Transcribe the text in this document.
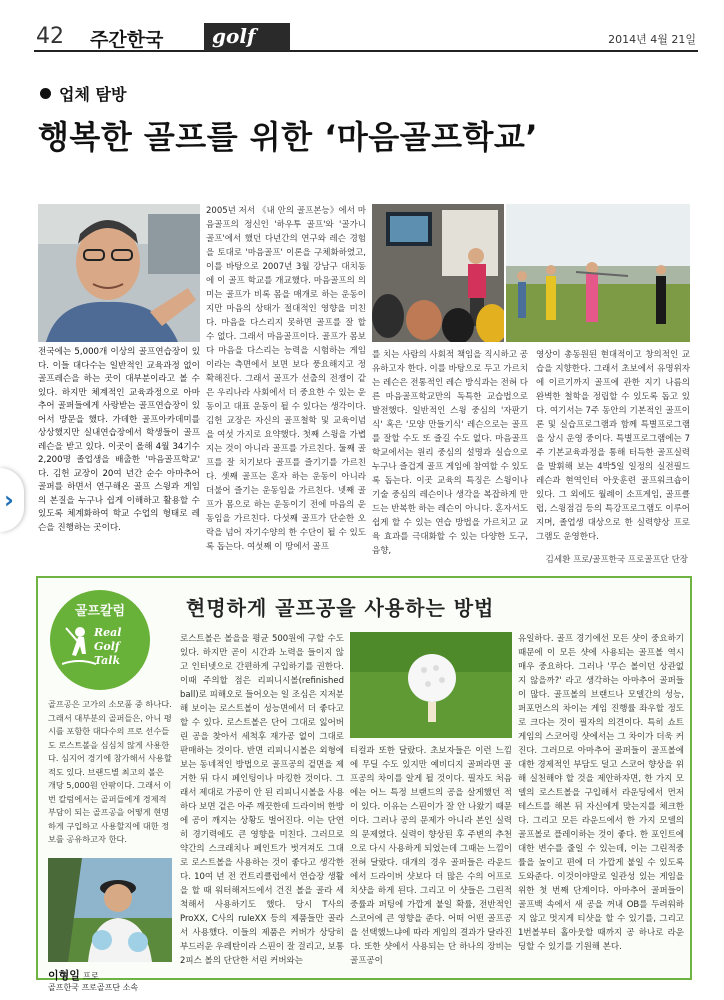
42 주간한국 golf	2014년 4월 21일
업체 탐방
행복한 골프를 위한 ‘마음골프학교’
›
전국에는 5,000개 이상의 골프연습장이 있다. 이들 대다수는 일반적인 교육과정 없이 골프레슨을 하는 곳이 대부분이라고 볼 수 있다. 하지만 체계적인 교육과정으로 아마추어 골퍼들에게 사랑받는 골프연습장이 있어서 방문을 했다. 가데한 골프아카데미를 상상했지만 실내연습장에서 학생들이 골프레슨을 받고 있다. 이곳이 올해 4월 34기수 2,200명 졸업생을 배출한 '마음골프학교' 다. 김헌 교장이 20여 년간 순수 아마추어골퍼를 하면서 연구해온 골프 스윙과 게임의 본질을 누구나 쉽게 이해하고 활용할 수 있도록 체계화하여 학교 수업의 형태로 레슨을 진행하는 곳이다.
2005년 저서 《내 안의 골프본능》에서 마음골프의 정신인 '하우투 골프'와 '골가니 골프'에서 했던 다년간의 연구와 레슨 경험을 토대로 '마음골프' 이론을 구체화하였고, 이를 바탕으로 2007년 3월 강남구 대치동에 이 골프 학교를 개교했다. 마음골프의 의미는 골프가 비록 몸을 매개로 하는 운동이지만 마음의 상태가 절대적인 영향을 미친다. 마음을 다스리지 못하면 골프를 잘 할 수 없다. 그래서 마음골프이다. 골프가 몸보다 마음을 다스리는 능력을 시험하는 게임이라는 측면에서 보면 보다 풍요해지고 정확해진다. 그래서 골프가 선출의 전쟁이 같은 우리나라 사회에서 더 중요한 수 있는 운동이고 대표 운동이 될 수 있다는 생각이다. 김헌 교장은 자신의 골프철학 및 교육이념을 여섯 가지로 요약했다. 첫째 스윙을 가볍지는 것이 아니라 골프를 가르친다. 둘째 골프를 잘 치기보다 골프를 즐기기를 가르친다. 셋째 골프는 혼자 하는 운동이 아니라 더불어 즐기는 운동임을 가르친다. 넷째 골프가 몸으로 하는 운동이기 전에 마음의 운동임을 가르친다. 다섯째 골프가 단순한 오락을 넘어 자기수양의 한 수단이 될 수 있도록 돕는다. 여섯째 이 땅에서 골프
를 치는 사람의 사회적 책임을 직시하고 공유하고자 한다. 이를 바탕으로 두고 가르치는 레슨은 전통적인 레슨 방식과는 전혀 다른 마음골프학교만의 독특한 교습법으로 발전했다. 일반적인 스윙 중심의 '자판기식' 혹은 '모양 만들기식' 레슨으로는 골프를 잘할 수도 또 즐길 수도 없다. 마음골프학교에서는 원리 중심의 설명과 실습으로 누구나 즐겁게 골프 게임에 참여할 수 있도록 돕는다. 이곳 교육의 특징은 스윙이나 기술 중심의 레슨이나 생각을 복잡하게 만드는 반복한 하는 레슨이 아니다. 혼자서도 쉽게 할 수 있는 연습 방법을 가르치고 교육 효과를 극대화할 수 있는 다양한 도구, 음향,
영상이 총동원된 현대적이고 창의적인 교습을 지향한다. 그래서 초보에서 유명위자에 이르기까지 골프에 관한 지기 나름의 완벽한 철학을 정립할 수 있도록 돕고 있다. 여기서는 7주 동안의 기본적인 골프이론 및 실습프로그램과 함께 특별프로그램을 상시 운영 중이다. 특별프로그램에는 7주 기본교육과정을 통해 터득한 골프실력을 발휘해 보는 4박5일 일정의 실전필드레슨과 현역인터 아웃훈련 골프워크숍이 있다. 그 외에도 월례이 소프게임, 골프클럽, 스윙점검 등의 특강프로그램도 이루어지며, 졸업생 대상으로 한 실력향상 프로그램도 운영한다.
김세환 프로/골프한국 프로골프단 단장
골프칼럼
Real
Golf
Talk
현명하게 골프공을 사용하는 방법
골프공은 고가의 소모품 중 하나다. 그래서 대부분의 골퍼들은, 아니 평시를 포함한 대다수의 프로 선수들도 로스트볼을 심심치 않게 사용한다. 심지어 경기에 참가해서 사용할 적도 있다. 브랜드별 최고의 볼은 개당 5,000원 안팎이다. 그래서 이번 칼럼에서는 골퍼들에게 경제적 부담이 되는 골프공을 어떻게 현명하게 구입하고 사용할지에 대한 정보를 공유하고자 한다.
이형일 프로
골프한국 프로골프단 소속
로스트볼은 볼을을 평균 500원에 구할 수도 있다. 하지만 곧이 시간과 노력을 들이지 않고 인터넷으로 간편하게 구입하기를 권한다. 이때 주의할 점은 리피니시볼(refinished ball)로 피해오로 들어오는 일 조심은 지저분해 보이는 로스트볼이 성능면에서 더 좋다고 할 수 있다. 로스트볼은 단어 그대로 잃어버린 공을 찾아서 세척후 재가공 없이 그대로 판매하는 것이다. 반면 리피니시볼은 외형에 보는 동네적인 방법으로 골프공의 겉면을 제거한 뒤 다시 페인팅이나 마킹한 것이다. 그래서 제대로 가공이 안 된 리피니시볼을 사용하다 보면 겉은 아주 깨끗한데 드라이버 한방에 공이 깨지는 상황도 벌어진다. 이는 단연히 경기력에도 큰 영향을 미친다. 그러므로 약간의 스크래치나 페인트가 벗겨져도 그대로 로스트볼을 사용하는 것이 좋다고 생각한다. 10여 년 전 컨트리클럽에서 연습장 생활을 할 때 워터해저드에서 건진 볼을 골라 세척해서 사용하기도 했다. 당시 T사의 ProXX, C사의 ruleXX 등의 제품들만 골라서 사용했다. 이들의 제품은 커버가 상당히 부드러운 우레탄이라 스핀이 잘 걸리고, 보통 2피스 볼의 단단한 서린 커버와는
티컬과 또한 달랐다. 초보자들은 이런 느낌에 무딜 수도 있지만 예비디지 골퍼라면 골프공의 차이를 알게 될 것이다. 필자도 처음에는 어느 특정 브랜드의 공을 살게했던 적이 있다. 이유는 스핀이가 잘 안 나왔기 때문이다. 그러나 공의 문제가 아니라 본인 실력의 문제였다. 실력이 향상된 후 주변의 추천으로 다시 사용하게 되었는데 그때는 느낌이 전혀 달랐다. 대개의 경우 골퍼들은 라운드에서 드라이버 샷보다 더 많은 수의 어프로치샷을 하게 된다. 그리고 이 샷들은 그린적중률과 퍼팅에 가깝게 붙일 확률, 전반적인 스코어에 큰 영향을 준다. 어떠 어떤 골프공을 선택했느냐에 따라 게임의 결과가 달라진다. 또한 샷에서 사용되는 단 하나의 장비는 골프공이
유일하다. 골프 경기에선 모든 샷이 중요하기 때문에 이 모든 샷에 사용되는 골프볼 역시 매우 중요하다. 그러나 '무슨 볼이던 상관없지 않을까?' 라고 생각하는 아마추어 골퍼들이 많다. 골프볼의 브랜드나 모델간의 성능, 퍼포먼스의 차이는 게임 진행률 좌우할 정도로 크다는 것이 필자의 의견이다. 특히 쇼트게임의 스코어링 샷에서는 그 차이가 더욱 커진다. 그러므로 아마추어 골퍼들이 골프볼에 대한 경제적인 부담도 덜고 스코어 향상을 위해 실천해야 할 것을 제안하자면, 한 가지 모델의 로스트볼을 구입해서 라운딩에서 먼저 테스트를 해본 뒤 자신에게 맞는지를 체크한다. 그리고 모든 라운드에서 한 가지 모델의 골프볼로 플레이하는 것이 좋다. 한 포인트에 대한 변수를 줄일 수 있는데, 이는 그린적중률을 높이고 편에 더 가깝게 붙일 수 있도록 도와준다. 이것이야말로 일관성 있는 게임을 위한 첫 번째 단계이다. 아마추어 골퍼들이 골프백 속에서 새 공을 꺼내 OB를 두려워하지 않고 멋지게 티샷을 할 수 있기를, 그리고 1번볼부터 홀아웃할 때까지 공 하나로 라운딩할 수 있기를 기원해 본다.
